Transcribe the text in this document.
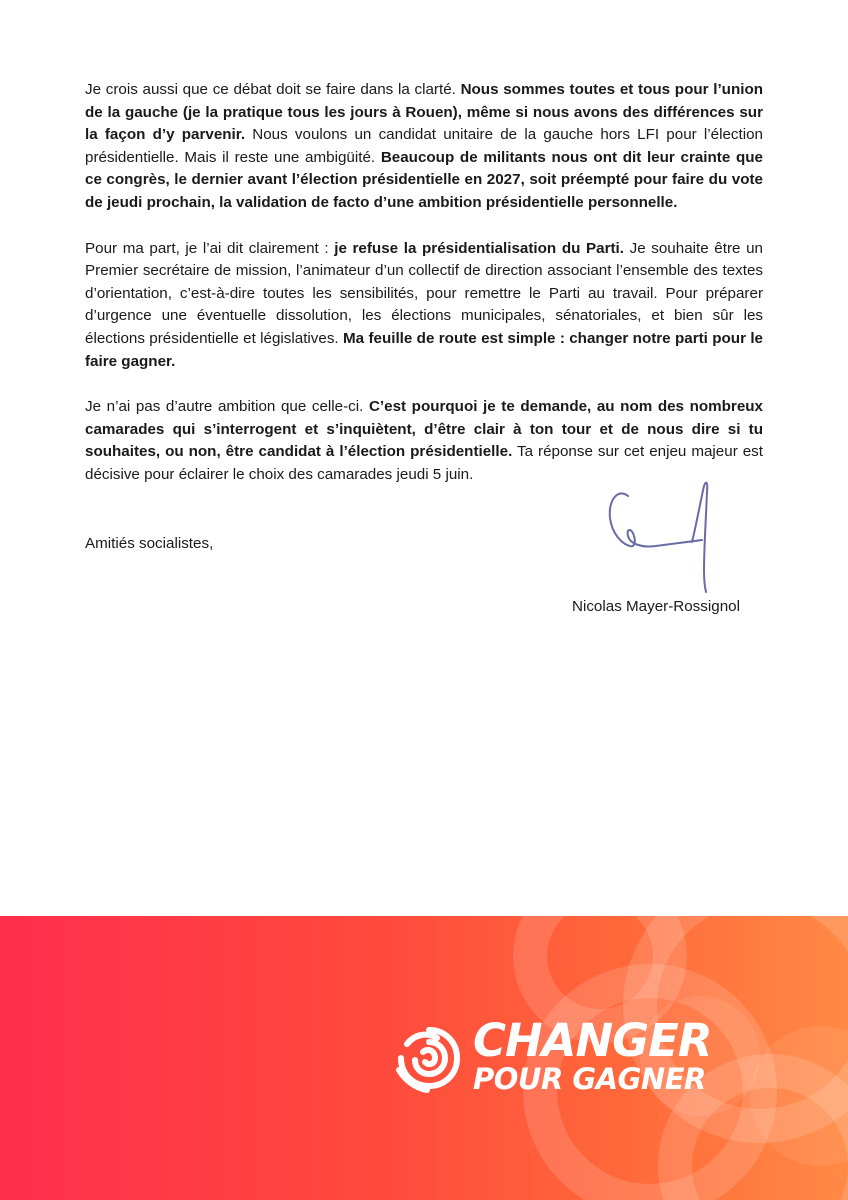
Je crois aussi que ce débat doit se faire dans la clarté. Nous sommes toutes et tous pour l’union de la gauche (je la pratique tous les jours à Rouen), même si nous avons des différences sur la façon d’y parvenir. Nous voulons un candidat unitaire de la gauche hors LFI pour l’élection présidentielle. Mais il reste une ambigüité. Beaucoup de militants nous ont dit leur crainte que ce congrès, le dernier avant l’élection présidentielle en 2027, soit préempté pour faire du vote de jeudi prochain, la validation de facto d’une ambition présidentielle personnelle.

Pour ma part, je l’ai dit clairement : je refuse la présidentialisation du Parti. Je souhaite être un Premier secrétaire de mission, l’animateur d’un collectif de direction associant l’ensemble des textes d’orientation, c’est-à-dire toutes les sensibilités, pour remettre le Parti au travail. Pour préparer d’urgence une éventuelle dissolution, les élections municipales, sénatoriales, et bien sûr les élections présidentielle et législatives. Ma feuille de route est simple : changer notre parti pour le faire gagner.

Je n’ai pas d’autre ambition que celle-ci. C’est pourquoi je te demande, au nom des nombreux camarades qui s’interrogent et s’inquiètent, d’être clair à ton tour et de nous dire si tu souhaites, ou non, être candidat à l’élection présidentielle. Ta réponse sur cet enjeu majeur est décisive pour éclairer le choix des camarades jeudi 5 juin.

Amitiés socialistes,
Nicolas Mayer-Rossignol
CHANGER
POUR GAGNER
